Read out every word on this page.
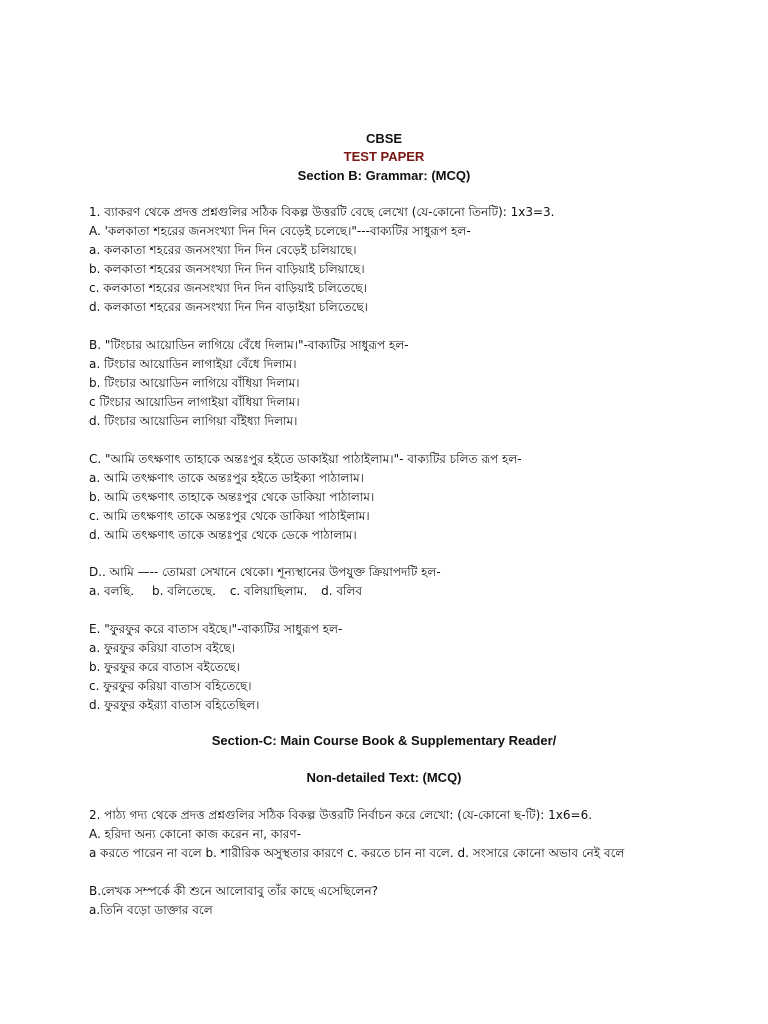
CBSE
TEST PAPER
Section B: Grammar: (MCQ)
1. ব্যাকরণ থেকে প্রদত্ত প্রশ্নগুলির সঠিক বিকল্প উত্তরটি বেছে লেখো (যে-কোনো তিনটি): 1x3=3.
A. 'কলকাতা শহরের জনসংখ্যা দিন দিন বেড়েই চলেছে।"---বাক্যটির সাধুরূপ হল-
a. কলকাতা শহরের জনসংখ্যা দিন দিন বেড়েই চলিয়াছে।
b. কলকাতা শহরের জনসংখ্যা দিন দিন বাড়িয়াই চলিয়াছে।
c. কলকাতা শহরের জনসংখ্যা দিন দিন বাড়িয়াই চলিতেছে।
d. কলকাতা শহরের জনসংখ্যা দিন দিন বাড়াইয়া চলিতেছে।
B. "টিংচার আয়োডিন লাগিয়ে বেঁধে দিলাম।"-বাক্যটির সাধুরূপ হল-
a. টিংচার আয়োডিন লাগাইয়া বেঁধে দিলাম।
b. টিংচার আয়োডিন লাগিয়ে বাঁধিয়া দিলাম।
c টিংচার আয়োডিন লাগাইয়া বাঁধিয়া দিলাম।
d. টিংচার আয়োডিন লাগিয়া বাঁইধ্যা দিলাম।
C. "আমি তৎক্ষণাৎ তাহাকে অন্তঃপুর হইতে ডাকাইয়া পাঠাইলাম।"- বাক্যটির চলিত রূপ হল-
a. আমি তৎক্ষণাৎ তাকে অন্তঃপুর হইতে ডাইক্যা পাঠালাম।
b. আমি তৎক্ষণাৎ তাহাকে অন্তঃপুর থেকে ডাকিয়া পাঠালাম।
c. আমি তৎক্ষণাৎ তাকে অন্তঃপুর থেকে ডাকিয়া পাঠাইলাম।
d. আমি তৎক্ষণাৎ তাকে অন্তঃপুর থেকে ডেকে পাঠালাম।
D.. আমি —-- তোমরা সেখানে থেকো। শূন্যস্থানের উপযুক্ত ক্রিয়াপদটি হল-
a. বলছি. b. বলিতেছে. c. বলিয়াছিলাম. d. বলিব
E. "ফুরফুর করে বাতাস বইছে।"-বাক্যটির সাধুরূপ হল-
a. ফুরফুর করিয়া বাতাস বইছে।
b. ফুরফুর করে বাতাস বইতেছে।
c. ফুরফুর করিয়া বাতাস বহিতেছে।
d. ফুরফুর কইর‍্যা বাতাস বহিতেছিল।
Section-C: Main Course Book & Supplementary Reader/
Non-detailed Text: (MCQ)
2. পাঠ্য গদ্য থেকে প্রদত্ত প্রশ্নগুলির সঠিক বিকল্প উত্তরটি নির্বাচন করে লেখো: (যে-কোনো ছ-টি): 1x6=6.
A. হরিদা অন্য কোনো কাজ করেন না, কারণ-
a করতে পারেন না বলে b. শারীরিক অসুস্থতার কারণে c. করতে চান না বলে. d. সংসারে কোনো অভাব নেই বলে
B.লেখক সম্পর্কে কী শুনে আলোবাবু তাঁর কাছে এসেছিলেন?
a.তিনি বড়ো ডাক্তার বলে
